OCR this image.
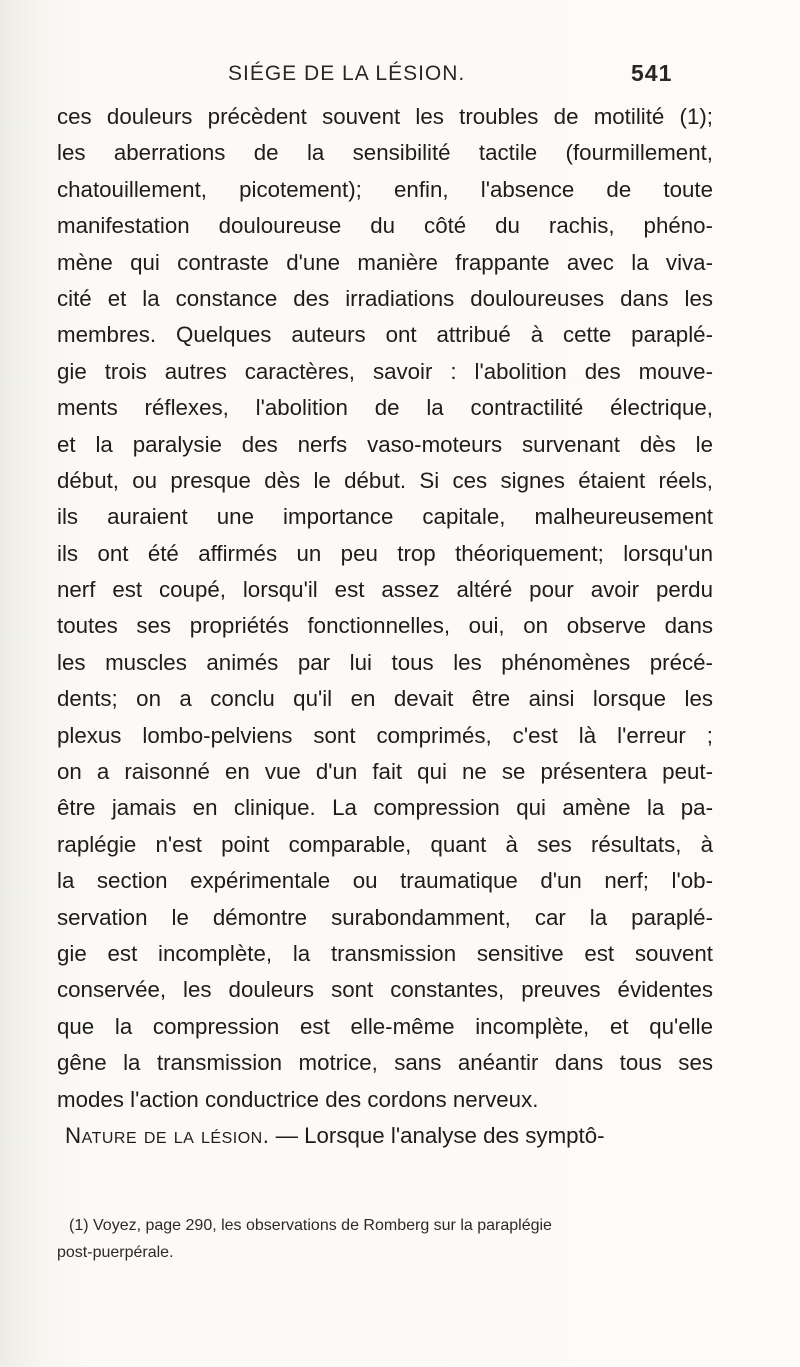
SIÉGE DE LA LÉSION.	541
ces douleurs précèdent souvent les troubles de motilité (1);
les aberrations de la sensibilité tactile (fourmillement,
chatouillement, picotement); enfin, l'absence de toute
manifestation douloureuse du côté du rachis, phéno-
mène qui contraste d'une manière frappante avec la viva-
cité et la constance des irradiations douloureuses dans les
membres. Quelques auteurs ont attribué à cette paraplé-
gie trois autres caractères, savoir : l'abolition des mouve-
ments réflexes, l'abolition de la contractilité électrique,
et la paralysie des nerfs vaso-moteurs survenant dès le
début, ou presque dès le début. Si ces signes étaient réels,
ils auraient une importance capitale, malheureusement
ils ont été affirmés un peu trop théoriquement; lorsqu'un
nerf est coupé, lorsqu'il est assez altéré pour avoir perdu
toutes ses propriétés fonctionnelles, oui, on observe dans
les muscles animés par lui tous les phénomènes précé-
dents; on a conclu qu'il en devait être ainsi lorsque les
plexus lombo-pelviens sont comprimés, c'est là l'erreur ;
on a raisonné en vue d'un fait qui ne se présentera peut-
être jamais en clinique. La compression qui amène la pa-
raplégie n'est point comparable, quant à ses résultats, à
la section expérimentale ou traumatique d'un nerf; l'ob-
servation le démontre surabondamment, car la paraplé-
gie est incomplète, la transmission sensitive est souvent
conservée, les douleurs sont constantes, preuves évidentes
que la compression est elle-même incomplète, et qu'elle
gêne la transmission motrice, sans anéantir dans tous ses
modes l'action conductrice des cordons nerveux.
Nature de la lésion. — Lorsque l'analyse des symptô-
(1) Voyez, page 290, les observations de Romberg sur la paraplégie
post-puerpérale.
